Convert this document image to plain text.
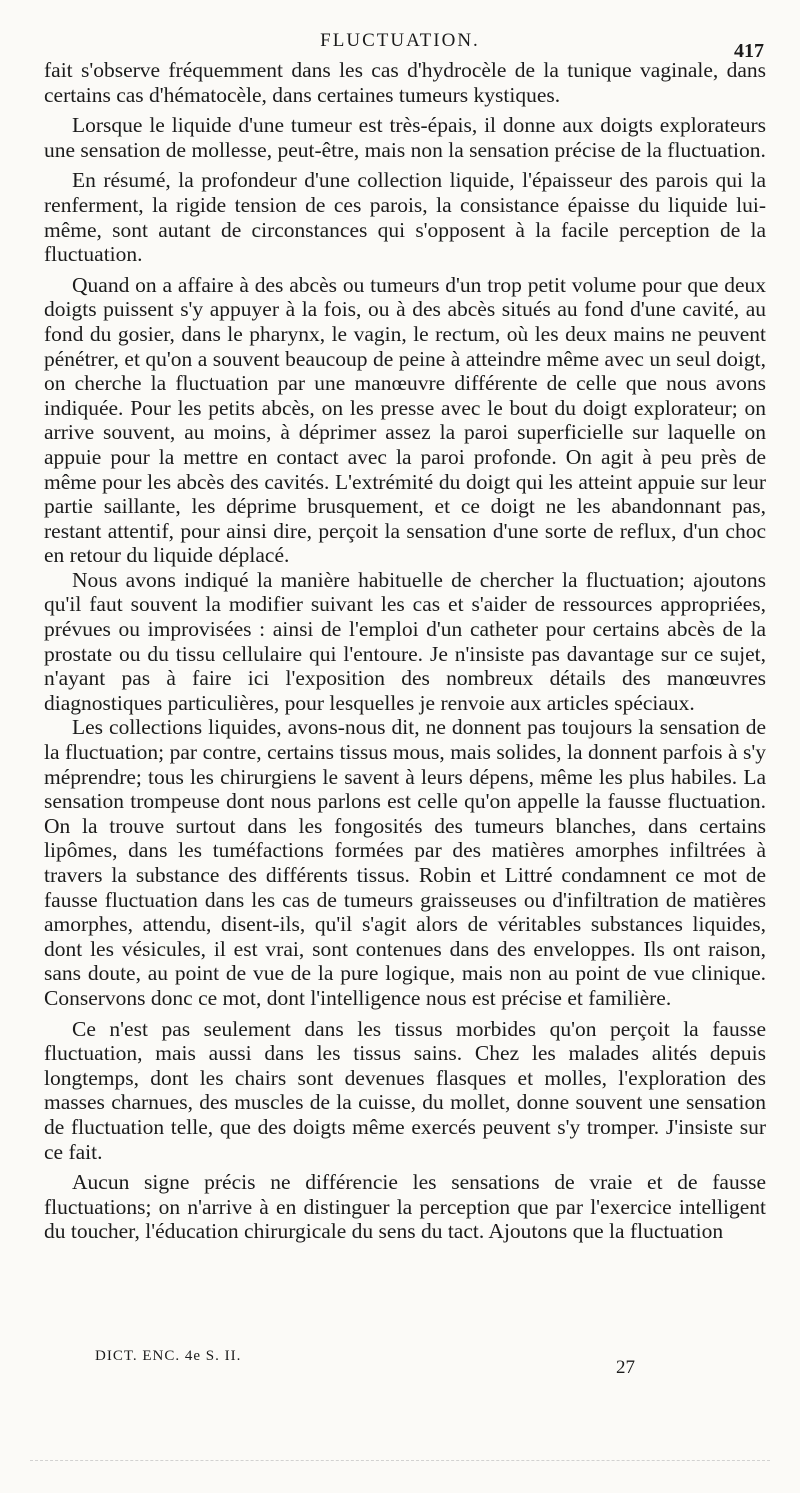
FLUCTUATION.	417

fait s'observe fréquemment dans les cas d'hydrocèle de la tunique vaginale, dans certains cas d'hématocèle, dans certaines tumeurs kystiques.

Lorsque le liquide d'une tumeur est très-épais, il donne aux doigts explorateurs une sensation de mollesse, peut-être, mais non la sensation précise de la fluctuation.

En résumé, la profondeur d'une collection liquide, l'épaisseur des parois qui la renferment, la rigide tension de ces parois, la consistance épaisse du liquide lui-même, sont autant de circonstances qui s'opposent à la facile perception de la fluctuation.

Quand on a affaire à des abcès ou tumeurs d'un trop petit volume pour que deux doigts puissent s'y appuyer à la fois, ou à des abcès situés au fond d'une cavité, au fond du gosier, dans le pharynx, le vagin, le rectum, où les deux mains ne peuvent pénétrer, et qu'on a souvent beaucoup de peine à atteindre même avec un seul doigt, on cherche la fluctuation par une manœuvre différente de celle que nous avons indiquée. Pour les petits abcès, on les presse avec le bout du doigt explorateur; on arrive souvent, au moins, à déprimer assez la paroi superficielle sur laquelle on appuie pour la mettre en contact avec la paroi profonde. On agit à peu près de même pour les abcès des cavités. L'extrémité du doigt qui les atteint appuie sur leur partie saillante, les déprime brusquement, et ce doigt ne les abandonnant pas, restant attentif, pour ainsi dire, perçoit la sensation d'une sorte de reflux, d'un choc en retour du liquide déplacé.

Nous avons indiqué la manière habituelle de chercher la fluctuation; ajoutons qu'il faut souvent la modifier suivant les cas et s'aider de ressources appropriées, prévues ou improvisées : ainsi de l'emploi d'un catheter pour certains abcès de la prostate ou du tissu cellulaire qui l'entoure. Je n'insiste pas davantage sur ce sujet, n'ayant pas à faire ici l'exposition des nombreux détails des manœuvres diagnostiques particulières, pour lesquelles je renvoie aux articles spéciaux.

Les collections liquides, avons-nous dit, ne donnent pas toujours la sensation de la fluctuation; par contre, certains tissus mous, mais solides, la donnent parfois à s'y méprendre; tous les chirurgiens le savent à leurs dépens, même les plus habiles. La sensation trompeuse dont nous parlons est celle qu'on appelle la fausse fluctuation. On la trouve surtout dans les fongosités des tumeurs blanches, dans certains lipômes, dans les tuméfactions formées par des matières amorphes infiltrées à travers la substance des différents tissus. Robin et Littré condamnent ce mot de fausse fluctuation dans les cas de tumeurs graisseuses ou d'infiltration de matières amorphes, attendu, disent-ils, qu'il s'agit alors de véritables substances liquides, dont les vésicules, il est vrai, sont contenues dans des enveloppes. Ils ont raison, sans doute, au point de vue de la pure logique, mais non au point de vue clinique. Conservons donc ce mot, dont l'intelligence nous est précise et familière.

Ce n'est pas seulement dans les tissus morbides qu'on perçoit la fausse fluctuation, mais aussi dans les tissus sains. Chez les malades alités depuis longtemps, dont les chairs sont devenues flasques et molles, l'exploration des masses charnues, des muscles de la cuisse, du mollet, donne souvent une sensation de fluctuation telle, que des doigts même exercés peuvent s'y tromper. J'insiste sur ce fait.

Aucun signe précis ne différencie les sensations de vraie et de fausse fluctuations; on n'arrive à en distinguer la perception que par l'exercice intelligent du toucher, l'éducation chirurgicale du sens du tact. Ajoutons que la fluctuation

DICT. ENC. 4e S. II.
27
